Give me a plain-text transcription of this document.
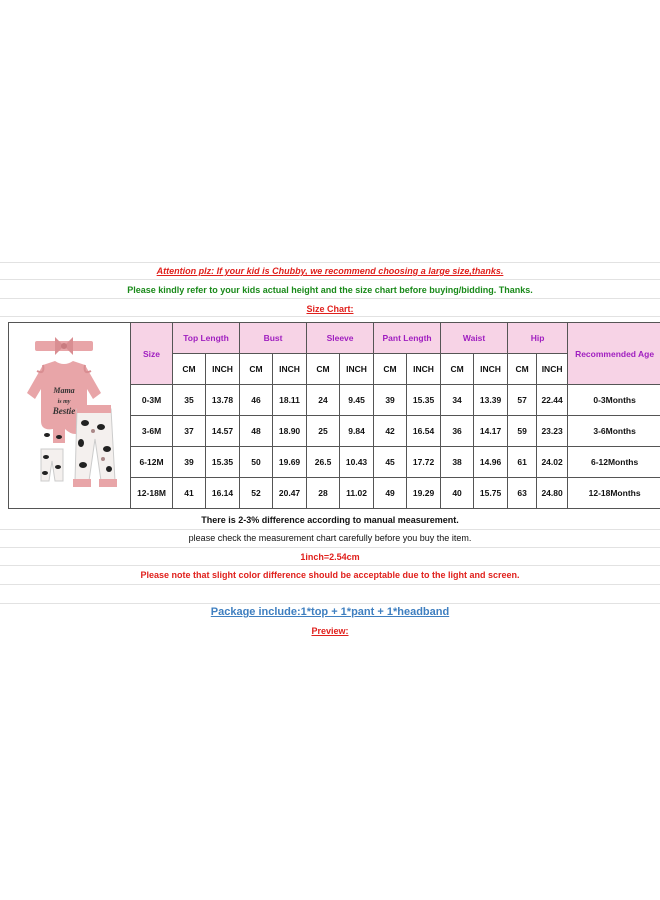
Attention plz: If your kid is Chubby, we recommend choosing a large size,thanks.
Please kindly refer to your kids actual height and the size chart before buying/bidding. Thanks.
Size Chart:
Mama
is my
Bestie	Size	Top Length		Bust		Sleeve		Pant Length		Waist		Hip		Recommended Age
		CM	INCH	CM	INCH	CM	INCH	CM	INCH	CM	INCH	CM	INCH	
	0-3M	35	13.78	46	18.11	24	9.45	39	15.35	34	13.39	57	22.44	0-3Months
	3-6M	37	14.57	48	18.90	25	9.84	42	16.54	36	14.17	59	23.23	3-6Months
	6-12M	39	15.35	50	19.69	26.5	10.43	45	17.72	38	14.96	61	24.02	6-12Months
	12-18M	41	16.14	52	20.47	28	11.02	49	19.29	40	15.75	63	24.80	12-18Months
There is 2-3% difference according to manual measurement.
please check the measurement chart carefully before you buy the item.
1inch=2.54cm
Please note that slight color difference should be acceptable due to the light and screen.
Package include:1*top + 1*pant + 1*headband
Preview:
